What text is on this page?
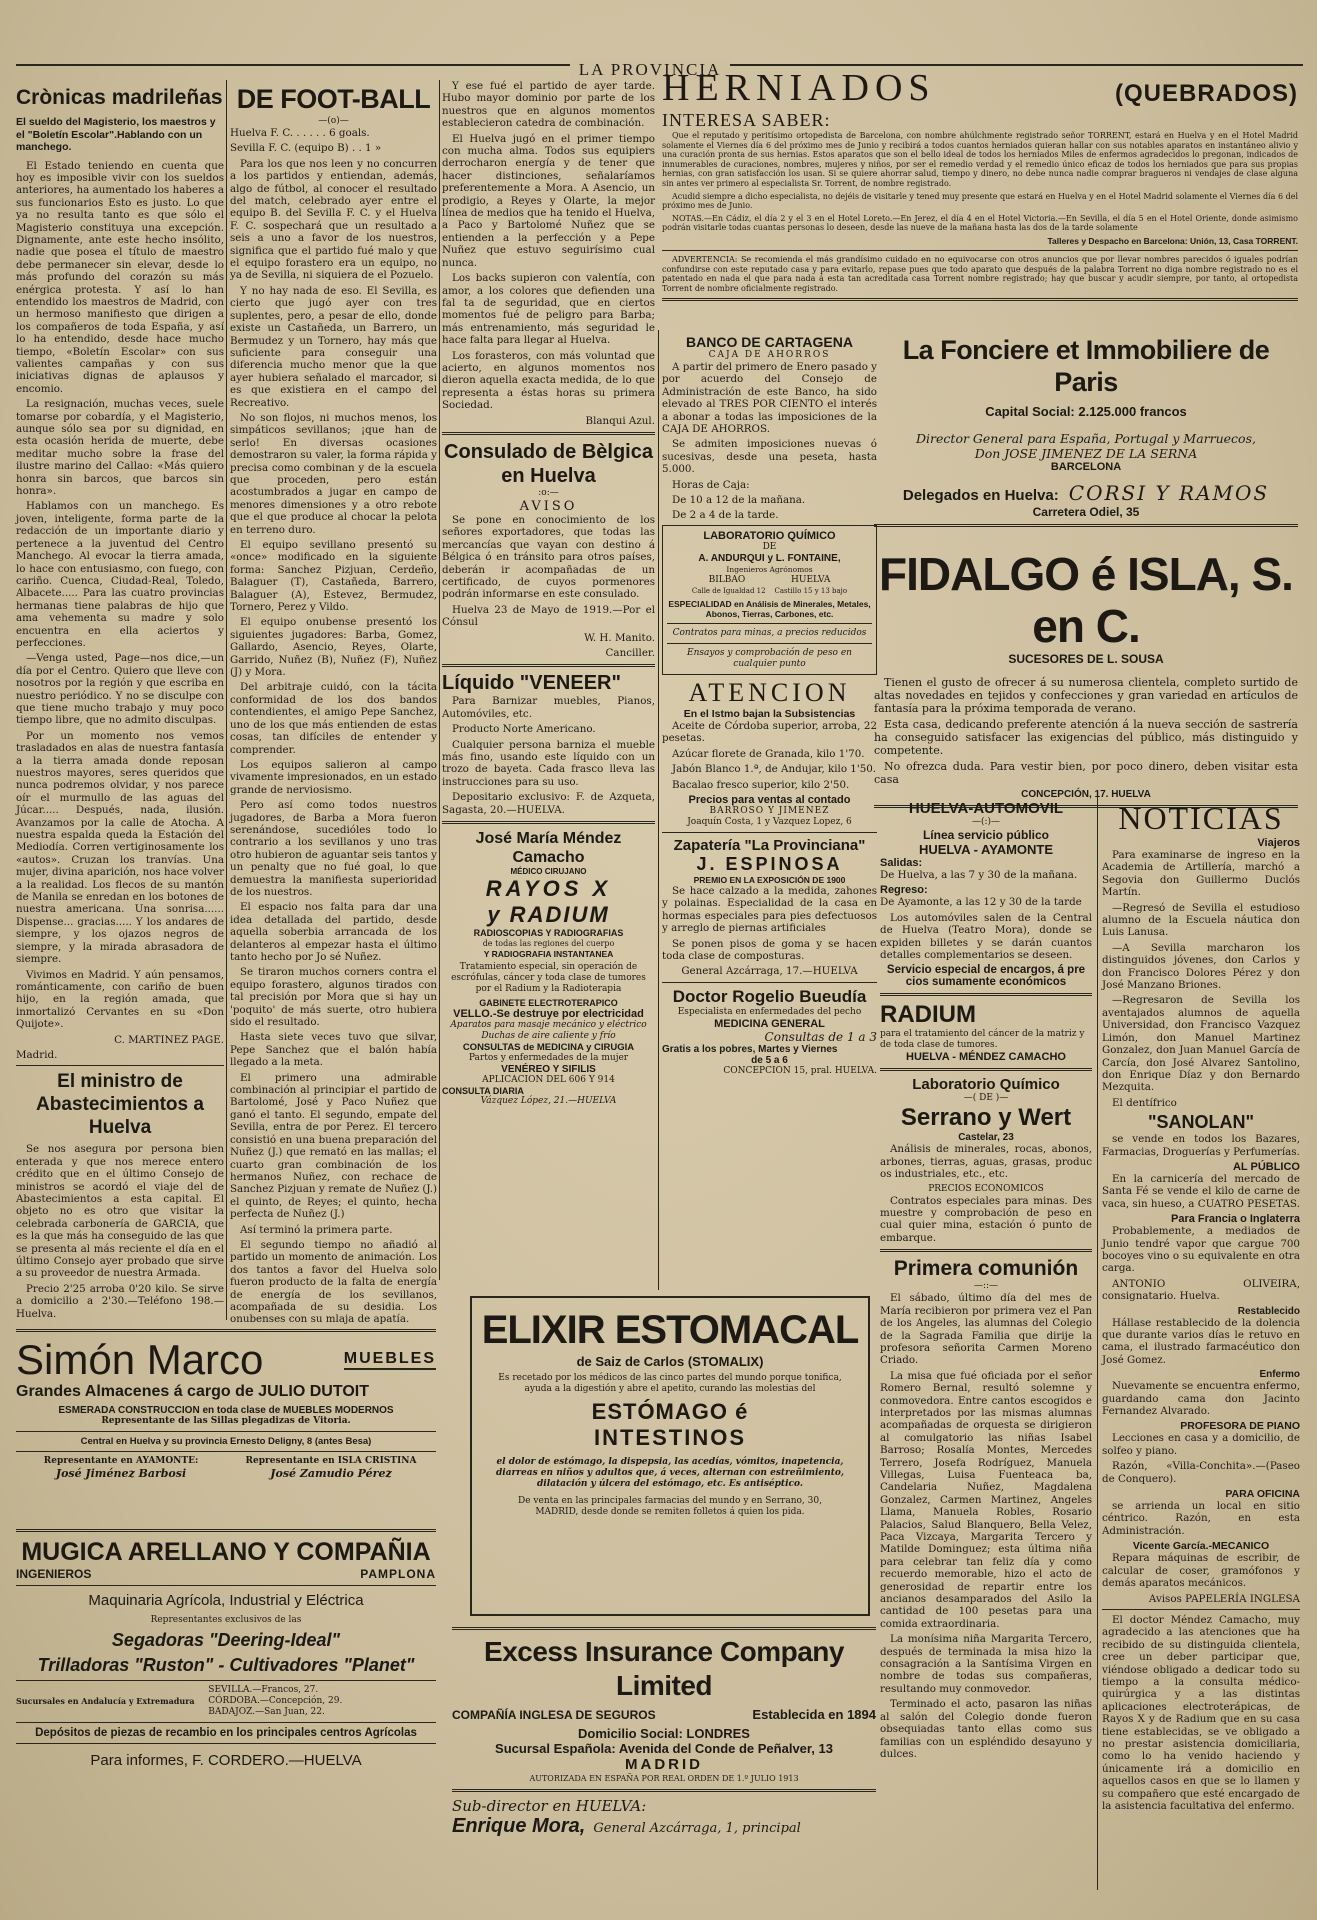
LA PROVINCIA
Crònicas madrileñas
El sueldo del Magisterio, los maestros y el "Boletín Escolar".Hablando con un manchego.

El Estado teniendo en cuenta que hoy es imposible vivir con los sueldos anteriores, ha aumentado los haberes a sus funcionarios Esto es justo. Lo que ya no resulta tanto es que sólo el Magisterio constituya una excepción. Dignamente, ante este hecho insólito, nadie que posea el título de maestro debe permanecer sin elevar, desde lo más profundo del corazón su más enérgica protesta. Y así lo han entendido los maestros de Madrid, con un hermoso manifiesto que dirigen a los compañeros de toda España, y así lo ha entendido, desde hace mucho tiempo, «Boletín Escolar» con sus valientes campañas y con sus iniciativas dignas de aplausos y encomio.

La resignación, muchas veces, suele tomarse por cobardía, y el Magisterio, aunque sólo sea por su dignidad, en esta ocasión herida de muerte, debe meditar mucho sobre la frase del ilustre marino del Callao: «Más quiero honra sin barcos, que barcos sin honra».

Hablamos con un manchego. Es joven, inteligente, forma parte de la redacción de un importante diario y pertenece a la juventud del Centro Manchego. Al evocar la tierra amada, lo hace con entusiasmo, con fuego, con cariño. Cuenca, Ciudad-Real, Toledo, Albacete..... Para las cuatro provincias hermanas tiene palabras de hijo que ama vehementa su madre y solo encuentra en ella aciertos y perfecciones.

—Venga usted, Page—nos dice,—un día por el Centro. Quiero que lleve con nosotros por la región y que escriba en nuestro periódico. Y no se disculpe con que tiene mucho trabajo y muy poco tiempo libre, que no admito disculpas.

Por un momento nos vemos trasladados en alas de nuestra fantasía a la tierra amada donde reposan nuestros mayores, seres queridos que nunca podremos olvidar, y nos parece oír el murmullo de las aguas del Júcar..... Después, nada, ilusión. Avanzamos por la calle de Atocha. A nuestra espalda queda la Estación del Mediodía. Corren vertiginosamente los «autos». Cruzan los tranvías. Una mujer, divina aparición, nos hace volver a la realidad. Los flecos de su mantón de Manila se enredan en los botones de nuestra americana. Una sonrisa...... Dispense... gracias..... Y los andares de siempre, y los ojazos negros de siempre, y la mirada abrasadora de siempre.

Vivimos en Madrid. Y aún pensamos, románticamente, con cariño de buen hijo, en la región amada, que inmortalizó Cervantes en su «Don Quijote».

C. MARTINEZ PAGE.

Madrid.

El ministro de Abastecimientos a Huelva

Se nos asegura por persona bien enterada y que nos merece entero crédito que en el último Consejo de ministros se acordó el viaje del de Abastecimientos a esta capital. El objeto no es otro que visitar la celebrada carbonería de GARCIA, que es la que más ha conseguido de las que se presenta al más reciente el día en el último Consejo ayer probado que sirve a su proveedor de nuestra Armada.

Precio 2'25 arroba 0'20 kilo. Se sirve a domicilio a 2'30.—Teléfono 198.—Huelva.

DE FOOT-BALL
—(o)—

Huelva F. C. . . . . . 6 goals.

Sevilla F. C. (equipo B) . . 1 »

Para los que nos leen y no concurren a los partidos y entiendan, además, algo de fútbol, al conocer el resultado del match, celebrado ayer entre el equipo B. del Sevilla F. C. y el Huelva F. C. sospechará que un resultado a seis a uno a favor de los nuestros, significa que el partido fué malo y que el equipo forastero era un equipo, no ya de Sevilla, ni siquiera de el Pozuelo.

Y no hay nada de eso. El Sevilla, es cierto que jugó ayer con tres suplentes, pero, a pesar de ello, donde existe un Castañeda, un Barrero, un Bermudez y un Tornero, hay más que suficiente para conseguir una diferencia mucho menor que la que ayer hubiera señalado el marcador, si es que existiera en el campo del Recreativo.

No son flojos, ni muchos menos, los simpáticos sevillanos; ¡que han de serlo! En diversas ocasiones demostraron su valer, la forma rápida y precisa como combinan y de la escuela que proceden, pero están acostumbrados a jugar en campo de menores dimensiones y a otro rebote que el que produce al chocar la pelota en terreno duro.

El equipo sevillano presentó su «once» modificado en la siguiente forma: Sanchez Pizjuan, Cerdeño, Balaguer (T), Castañeda, Barrero, Balaguer (A), Estevez, Bermudez, Tornero, Perez y Vildo.

El equipo onubense presentó los siguientes jugadores: Barba, Gomez, Gallardo, Asencio, Reyes, Olarte, Garrido, Nuñez (B), Nuñez (F), Nuñez (J) y Mora.

Del arbitraje cuidó, con la tácita conformidad de los dos bandos contendientes, el amigo Pepe Sanchez, uno de los que más entienden de estas cosas, tan difíciles de entender y comprender.

Los equipos salieron al campo vivamente impresionados, en un estado grande de nerviosismo.

Pero así como todos nuestros jugadores, de Barba a Mora fueron serenándose, sucedióles todo lo contrario a los sevillanos y uno tras otro hubieron de aguantar seis tantos y un penalty que no fué goal, lo que demuestra la manifiesta superioridad de los nuestros.

El espacio nos falta para dar una idea detallada del partido, desde aquella soberbia arrancada de los delanteros al empezar hasta el último tanto hecho por Jo sé Nuñez.

Se tiraron muchos corners contra el equipo forastero, algunos tirados con tal precisión por Mora que si hay un 'poquito' de más suerte, otro hubiera sido el resultado.

Hasta siete veces tuvo que silvar, Pepe Sanchez que el balón había llegado a la meta.

El primero una admirable combinación al principiar el partido de Bartolomé, José y Paco Nuñez que ganó el tanto. El segundo, empate del Sevilla, entra de por Perez. El tercero consistió en una buena preparación del Nuñez (J.) que remató en las mallas; el cuarto gran combinación de los hermanos Nuñez, con rechace de Sanchez Pizjuan y remate de Nuñez (J.) el quinto, de Reyes; el quinto, hecha perfecta de Nuñez (J.)

Así terminó la primera parte.

El segundo tiempo no añadió al partido un momento de animación. Los dos tantos a favor del Huelva solo fueron producto de la falta de energía de energía de los sevillanos, acompañada de su desidia. Los onubenses con su mlaja de apatía.

Y ese fué el partido de ayer tarde. Hubo mayor dominio por parte de los nuestros que en algunos momentos establecieron catedra de combinación.

El Huelva jugó en el primer tiempo con mucha alma. Todos sus equipiers derrocharon energía y de tener que hacer distinciones, señalaríamos preferentemente a Mora. A Asencio, un prodigio, a Reyes y Olarte, la mejor línea de medios que ha tenido el Huelva, a Paco y Bartolomé Nuñez que se entienden a la perfección y a Pepe Nuñez que estuvo seguirísimo cual nunca.

Los backs supieron con valentía, con amor, a los colores que defienden una fal ta de seguridad, que en ciertos momentos fué de peligro para Barba; más entrenamiento, más seguridad le hace falta para llegar al Huelva.

Los forasteros, con más voluntad que acierto, en algunos momentos nos dieron aquella exacta medida, de lo que representa a éstas horas su primera Sociedad.

Blanqui Azul.

Consulado de Bèlgica en Huelva
:o:—
AVISO

Se pone en conocimiento de los señores exportadores, que todas las mercancías que vayan con destino á Bélgica ó en tránsito para otros países, deberán ir acompañadas de un certificado, de cuyos pormenores podrán informarse en este consulado.

Huelva 23 de Mayo de 1919.—Por el Cónsul

W. H. Manito.

Canciller.

Líquido "VENEER"

Para Barnizar muebles, Pianos, Automóviles, etc.

Producto Norte Americano.

Cualquier persona barniza el mueble más fino, usando este líquido con un trozo de bayeta. Cada frasco lleva las instrucciones para su uso.

Depositario exclusivo: F. de Azqueta, Sagasta, 20.—HUELVA.

José María Méndez Camacho
MÉDICO CIRUJANO
RAYOS X
y RADIUM
RADIOSCOPIAS Y RADIOGRAFIAS
de todas las regiones del cuerpo
Y RADIOGRAFIA INSTANTANEA
Tratamiento especial, sin operación de escrófulas, cáncer y toda clase de tumores por el Radium y la Radioterapia
GABINETE ELECTROTERAPICO
VELLO.-Se destruye por electricidad
Aparatos para masaje mecánico y eléctrico
Duchas de aire caliente y frío
CONSULTAS de MEDICINA y CIRUGIA
Partos y enfermedades de la mujer
VENÉREO Y SIFILIS
APLICACION DEL 606 Y 914
CONSULTA DIARIA
Vázquez López, 21.—HUELVA
HERNIADOS	(QUEBRADOS)
INTERESA SABER:

Que el reputado y peritísimo ortopedista de Barcelona, con nombre ahúlchmente registrado señor TORRENT, estará en Huelva y en el Hotel Madrid solamente el Viernes día 6 del próximo mes de Junio y recibirá a todos cuantos herniados quieran hallar con sus notables aparatos en instantáneo alivio y una curación pronta de sus hernias. Estos aparatos que son el bello ideal de todos los herniados Miles de enfermos agradecidos lo pregonan, indicados de innumerables de curaciones, nombres, mujeres y niños, por ser el remedio verdad y el remedio único eficaz de todos los herniados que para sus propias hernias, con gran satisfacción los usan. Si se quiere ahorrar salud, tiempo y dinero, no debe nunca nadie comprar bragueros ni vendajes de clase alguna sin antes ver primero al especialista Sr. Torrent, de nombre registrado.

Acudid siempre a dicho especialista, no dejéis de visitarle y tened muy presente que estará en Huelva y en el Hotel Madrid solamente el Viernes día 6 del próximo mes de Junio.

NOTAS.—En Cádiz, el día 2 y el 3 en el Hotel Loreto.—En Jerez, el día 4 en el Hotel Victoria.—En Sevilla, el día 5 en el Hotel Oriente, donde asimismo podrán visitarle todas cuantas personas lo deseen, desde las nueve de la mañana hasta las dos de la tarde solamente

Talleres y Despacho en Barcelona: Unión, 13, Casa TORRENT.

ADVERTENCIA: Se recomienda el más grandísimo cuidado en no equivocarse con otros anuncios que por llevar nombres parecidos ó iguales podrían confundirse con este reputado casa y para evitarlo, repase pues que todo aparato que después de la palabra Torrent no diga nombre registrado no es el patentado en nada el que para nada á esta tan acreditada casa Torrent nombre registrado; hay que buscar y acudir siempre, por tanto, al ortopedista Torrent de nombre oficialmente registrado.

BANCO DE CARTAGENA
CAJA DE AHORROS

A partir del primero de Enero pasado y por acuerdo del Consejo de Administración de este Banco, ha sido elevado al TRES POR CIENTO el interés a abonar a todas las imposiciones de la CAJA DE AHORROS.

Se admiten imposiciones nuevas ó sucesivas, desde una peseta, hasta 5.000.

Horas de Caja:

De 10 a 12 de la mañana.

De 2 a 4 de la tarde.

LABORATORIO QUÍMICO
DE
A. ANDURQUI y L. FONTAINE,
Ingenieros Agrónomos
BILBAO                HUELVA
Calle de Igualdad 12    Castillo 15 y 13 bajo
ESPECIALIDAD en Análisis de Minerales, Metales, Abonos, Tierras, Carbones, etc.
Contratos para minas, a precios reducidos
Ensayos y comprobación de peso en cualquier punto
ATENCION
En el Istmo bajan la Subsistencias

Aceite de Córdoba superior, arroba, 22 pesetas.

Azúcar florete de Granada, kilo 1'70.

Jabón Blanco 1.ª, de Andujar, kilo 1'50.

Bacalao fresco superior, kilo 2'50.

Precios para ventas al contado
BARROSO Y JIMENEZ
Joaquín Costa, 1 y Vazquez Lopez, 6
Zapatería "La Provinciana"
J. ESPINOSA
PREMIO EN LA EXPOSICIÓN DE 1900

Se hace calzado a la medida, zahones y polainas. Especialidad de la casa en hormas especiales para pies defectuosos y arreglo de piernas artificiales

Se ponen pisos de goma y se hacen toda clase de composturas.

General Azcárraga, 17.—HUELVA

Doctor Rogelio Bueudía
Especialista en enfermedades del pecho
MEDICINA GENERAL
Consultas de 1 a 3
Gratis a los pobres, Martes y Viernes
de 5 a 6
CONCEPCION 15, pral. HUELVA.
La Fonciere et Immobiliere de Paris
Capital Social: 2.125.000 francos
Director General para España, Portugal y Marruecos,
Don JOSE JIMENEZ DE LA SERNA
BARCELONA
Delegados en Huelva: CORSI Y RAMOS
Carretera Odiel, 35
FIDALGO é ISLA, S. en C.
SUCESORES DE L. SOUSA

Tienen el gusto de ofrecer á su numerosa clientela, completo surtido de altas novedades en tejidos y confecciones y gran variedad en artículos de fantasía para la próxima temporada de verano.

Esta casa, dedicando preferente atención á la nueva sección de sastrería ha conseguido satisfacer las exigencias del público, más distinguido y competente.

No ofrezca duda. Para vestir bien, por poco dinero, deben visitar esta casa

CONCEPCIÓN, 17. HUELVA
HUELVA-AUTOMOVIL
—(:)—
Línea servicio público
HUELVA - AYAMONTE
Salidas:

De Huelva, a las 7 y 30 de la mañana.

Regreso:

De Ayamonte, a las 12 y 30 de la tarde

Los automóviles salen de la Central de Huelva (Teatro Mora), donde se expiden billetes y se darán cuantos detalles complementarios se deseen.

Servicio especial de encargos, á pre cios sumamente económicos
RADIUM
para el tratamiento del cáncer de la matriz y de toda clase de tumores.
HUELVA - MÉNDEZ CAMACHO
Laboratorio Químico
—( DE )—
Serrano y Wert
Castelar, 23

Análisis de minerales, rocas, abonos, arbones, tierras, aguas, grasas, produc os industriales, etc., etc.

PRECIOS ECONOMICOS

Contratos especiales para minas. Des muestre y comprobación de peso en cual quier mina, estación ó punto de embarque.

Primera comunión
—::—

El sábado, último día del mes de María recibieron por primera vez el Pan de los Angeles, las alumnas del Colegio de la Sagrada Familia que dirije la profesora señorita Carmen Moreno Criado.

La misa que fué oficiada por el señor Romero Bernal, resultó solemne y conmovedora. Entre cantos escogidos e interpretados por las mismas alumnas acompañadas de orquesta se dirigieron al comulgatorio las niñas Isabel Barroso; Rosalía Montes, Mercedes Terrero, Josefa Rodríguez, Manuela Villegas, Luisa Fuenteaca ba, Candelaria Nuñez, Magdalena Gonzalez, Carmen Martinez, Angeles Llama, Manuela Robles, Rosario Palacios, Salud Blanquero, Bella Velez, Paca Vizcaya, Margarita Tercero y Matilde Dominguez; esta última niña para celebrar tan feliz día y como recuerdo memorable, hizo el acto de generosidad de repartir entre los ancianos desamparados del Asilo la cantidad de 100 pesetas para una comida extraordinaria.

La monísima niña Margarita Tercero, después de terminada la misa hizo la consagración a la Santísima Virgen en nombre de todas sus compañeras, resultando muy conmovedor.

Terminado el acto, pasaron las niñas al salón del Colegio donde fueron obsequiadas tanto ellas como sus familias con un espléndido desayuno y dulces.

NOTICIAS
Viajeros

Para examinarse de ingreso en la Academia de Artillería, marchó a Segovia don Guillermo Duclós Martín.

—Regresó de Sevilla el estudioso alumno de la Escuela náutica don Luis Lanusa.

—A Sevilla marcharon los distinguidos jóvenes, don Carlos y don Francisco Dolores Pérez y don José Manzano Briones.

—Regresaron de Sevilla los aventajados alumnos de aquella Universidad, don Francisco Vazquez Limón, don Manuel Martinez Gonzalez, don Juan Manuel García de Carcía, don José Alvarez Santolino, don Enrique Díaz y don Bernardo Mezquita.

El dentífrico

"SANOLAN"

se vende en todos los Bazares, Farmacias, Droguerías y Perfumerías.

AL PÚBLICO

En la carnicería del mercado de Santa Fé se vende el kilo de carne de vaca, sin hueso, a CUATRO PESETAS.

Para Francia o Inglaterra

Probablemente, a mediados de Junio tendré vapor que cargue 700 bocoyes vino o su equivalente en otra carga.

ANTONIO OLIVEIRA, consignatario. Huelva.

Restablecido

Hállase restablecido de la dolencia que durante varios días le retuvo en cama, el ilustrado farmacéutico don José Gomez.

Enfermo

Nuevamente se encuentra enfermo, guardando cama don Jacinto Fernandez Alvarado.

PROFESORA DE PIANO

Lecciones en casa y a domicilio, de solfeo y piano.

Razón, «Villa-Conchita».—(Paseo de Conquero).

PARA OFICINA

se arrienda un local en sitio céntrico. Razón, en esta Administración.

Vicente García.-MECANICO

Repara máquinas de escribir, de calcular de coser, gramófonos y demás aparatos mecánicos.

Avisos PAPELERÍA INGLESA

El doctor Méndez Camacho, muy agradecido a las atenciones que ha recibido de su distinguida clientela, cree un deber participar que, viéndose obligado a dedicar todo su tiempo a la consulta médico-quirúrgica y a las distintas aplicaciones electroterápicas, de Rayos X y de Radium que en su casa tiene establecidas, se ve obligado a no prestar asistencia domiciliaria, como lo ha venido haciendo y únicamente irá a domicilio en aquellos casos en que se lo llamen y su compañero que esté encargado de la asistencia facultativa del enfermo.

Simón Marco	MUEBLES
Grandes Almacenes á cargo de JULIO DUTOIT
ESMERADA CONSTRUCCION en toda clase de MUEBLES MODERNOS
Representante de las Sillas plegadizas de Vitoria.
Central en Huelva y su provincia Ernesto Deligny, 8 (antes Besa)
Representante en AYAMONTE:
José Jiménez Barbosi
Representante en ISLA CRISTINA
José Zamudio Pérez
MUGICA ARELLANO Y COMPAÑIA
INGENIEROS	PAMPLONA
Maquinaria Agrícola, Industrial y Eléctrica
Representantes exclusivos de las
Segadoras "Deering-Ideal"
Trilladoras "Ruston" - Cultivadores "Planet"
Sucursales en Andalucía y Extremadura
SEVILLA.—Francos, 27.
CÓRDOBA.—Concepción, 29.
BADAJOZ.—San Juan, 22.
Depósitos de piezas de recambio en los principales centros Agrícolas
Para informes, F. CORDERO.—HUELVA
ELIXIR ESTOMACAL
de Saiz de Carlos (STOMALIX)
Es recetado por los médicos de las cinco partes del mundo porque tonifica, ayuda a la digestión y abre el apetito, curando las molestias del
ESTÓMAGO é
INTESTINOS
el dolor de estómago, la dispepsia, las acedías, vómitos, inapetencia, diarreas en niños y adultos que, á veces, alternan con estreñimiento, dilatación y úlcera del estómago, etc. Es antiséptico.
De venta en las principales farmacias del mundo y en Serrano, 30, MADRID, desde donde se remiten folletos á quien los pida.
Excess Insurance Company Limited
COMPAÑÍA INGLESA DE SEGUROS	Establecida en 1894
Domicilio Social: LONDRES
Sucursal Española: Avenida del Conde de Peñalver, 13
MADRID
AUTORIZADA EN ESPAÑA POR REAL ORDEN DE 1.º JULIO 1913
Sub-director en HUELVA:
Enrique Mora, General Azcárraga, 1, principal
